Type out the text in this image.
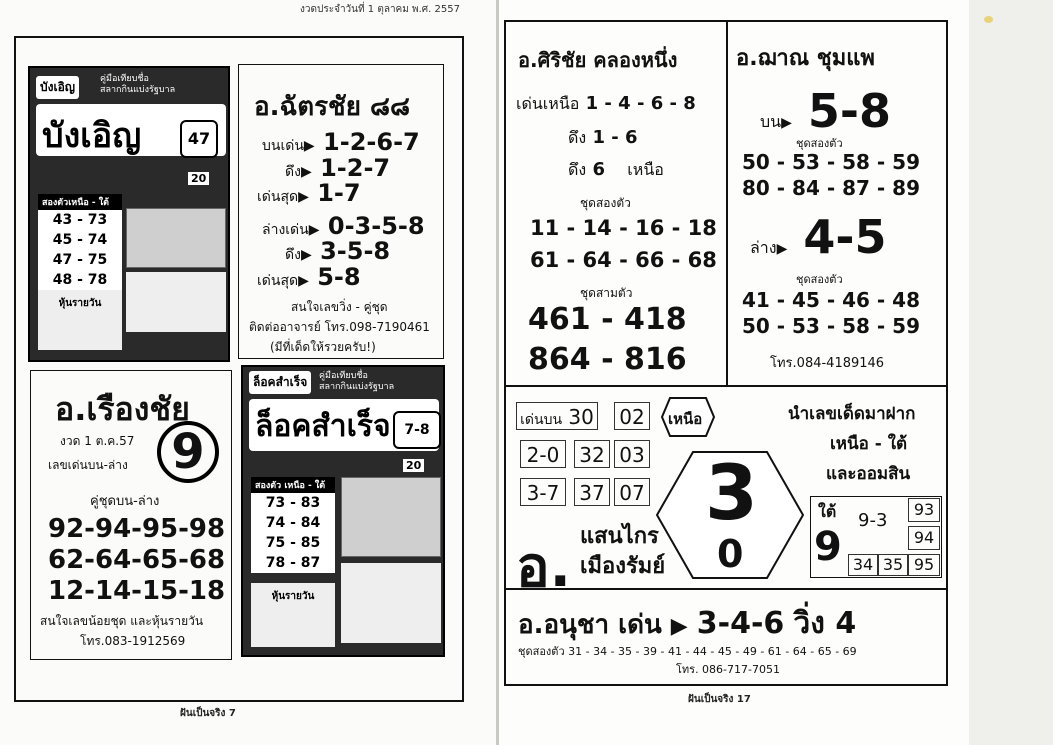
งวดประจำวันที่ 1 ตุลาคม พ.ศ. 2557
บังเอิญ
คู่มือเทียบชื่อ
สลากกินแบ่งรัฐบาล
บังเอิญ	47
20
สองตัวเหนือ - ใต้
43 - 73
45 - 74
47 - 75
48 - 78
หุ้นรายวัน
ล็อคสำเร็จ	คู่มือเทียบชื่อ
สลากกินแบ่งรัฐบาล
ล็อคสำเร็จ 7-8
20
สองตัว เหนือ - ใต้
73 - 83
74 - 84
75 - 85
78 - 87
หุ้นรายวัน
อ.ฉัตรชัย ๘๘
บนเด่น▶ 1-2-6-7
ดึง▶ 1-2-7
เด่นสุด▶ 1-7
ล่างเด่น▶ 0-3-5-8
ดึง▶ 3-5-8
เด่นสุด▶ 5-8
สนใจเลขวิ่ง - คู่ชุด
ติดต่ออาจารย์ โทร.098-7190461
(มีที่เด็ดให้รวยครับ!)
อ.เรืองชัย
งวด 1 ต.ค.57
เลขเด่นบน-ล่าง 9
คู่ชุดบน-ล่าง
92-94-95-98
62-64-65-68
12-14-15-18
สนใจเลขน้อยชุด และหุ้นรายวัน
โทร.083-1912569
ฝันเป็นจริง 7
อ.ศิริชัย คลองหนึ่ง
เด่นเหนือ 1 - 4 - 6 - 8
ดึง 1 - 6
ดึง 6 เหนือ
ชุดสองตัว
11 - 14 - 16 - 18
61 - 64 - 66 - 68
ชุดสามตัว
461 - 418
864 - 816
อ.ฌาณ ชุมแพ
บน▶ 5-8
ชุดสองตัว
50 - 53 - 58 - 59
80 - 84 - 87 - 89
ล่าง▶ 4-5
ชุดสองตัว
41 - 45 - 46 - 48
50 - 53 - 58 - 59
โทร.084-4189146
เด่นบน 30 02
2-0 32 03
3-7 37 07
เหนือ
3
0
อ. แสนไกร
เมืองรัมย์
นำเลขเด็ดมาฝาก
เหนือ - ใต้
และออมสิน
ใต้
9
9-3
93
94
34 35 95
อ.อนุชา เด่น ▶ 3-4-6 วิ่ง 4
ชุดสองตัว 31 - 34 - 35 - 39 - 41 - 44 - 45 - 49 - 61 - 64 - 65 - 69
โทร. 086-717-7051
ฝันเป็นจริง 17
